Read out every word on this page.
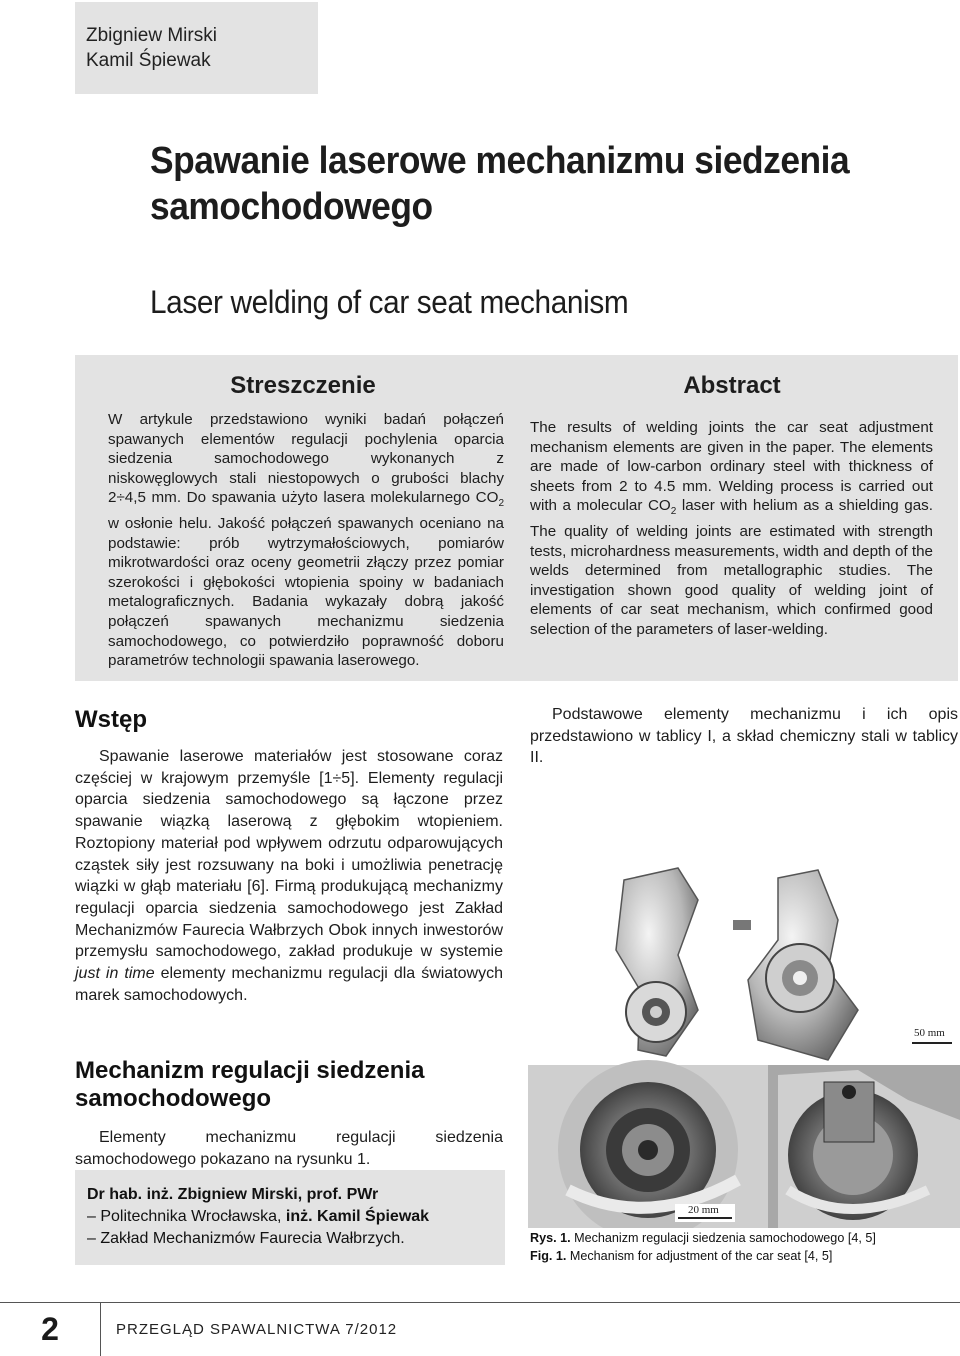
Zbigniew Mirski
Kamil Śpiewak
Spawanie laserowe mechanizmu siedzenia samochodowego
Laser welding of car seat mechanism
Streszczenie
W artykule przedstawiono wyniki badań połączeń spawanych elementów regulacji pochylenia oparcia siedzenia samochodowego wykonanych z niskowęglowych stali niestopowych o grubości blachy 2÷4,5 mm. Do spawania użyto lasera molekularnego $CO_2$ w osłonie helu. Jakość połączeń spawanych oceniano na podstawie: prób wytrzymałościowych, pomiarów mikrotwardości oraz oceny geometrii złączy przez pomiar szerokości i głębokości wtopienia spoiny w badaniach metalograficznych. Badania wykazały dobrą jakość połączeń spawanych mechanizmu siedzenia samochodowego, co potwierdziło poprawność doboru parametrów technologii spawania laserowego.
Abstract
The results of welding joints the car seat adjustment mechanism elements are given in the paper. The elements are made of low-carbon ordinary steel with thickness of sheets from 2 to 4.5 mm. Welding process is carried out with a molecular $CO_2$ laser with helium as a shielding gas. The quality of welding joints are estimated with strength tests, microhardness measurements, width and depth of the welds determined from metallographic studies. The investigation shown good quality of welding joint of elements of car seat mechanism, which confirmed good selection of the parameters of laser-welding.
Wstęp
Spawanie laserowe materiałów jest stosowane coraz częściej w krajowym przemyśle [1÷5]. Elementy regulacji oparcia siedzenia samochodowego są łączone przez spawanie wiązką laserową z głębokim wtopieniem. Roztopiony materiał pod wpływem odrzutu odparowujących cząstek siły jest rozsuwany na boki i umożliwia penetrację wiązki w głąb materiału [6]. Firmą produkującą mechanizmy regulacji oparcia siedzenia samochodowego jest Zakład Mechanizmów Faurecia Wałbrzych Obok innych inwestorów przemysłu samochodowego, zakład produkuje w systemie just in time elementy mechanizmu regulacji dla światowych marek samochodowych.
Mechanizm regulacji siedzenia samochodowego
Elementy mechanizmu regulacji siedzenia samochodowego pokazano na rysunku 1.
Dr hab. inż. Zbigniew Mirski, prof. PWr
– Politechnika Wrocławska, inż. Kamil Śpiewak
– Zakład Mechanizmów Faurecia Wałbrzych.
Podstawowe elementy mechanizmu i ich opis przedstawiono w tablicy I, a skład chemiczny stali w tablicy II.
50 mm
20 mm
Rys. 1. Mechanizm regulacji siedzenia samochodowego [4, 5]
Fig. 1. Mechanism for adjustment of the car seat [4, 5]
2	PRZEGLĄD SPAWALNICTWA 7/2012
